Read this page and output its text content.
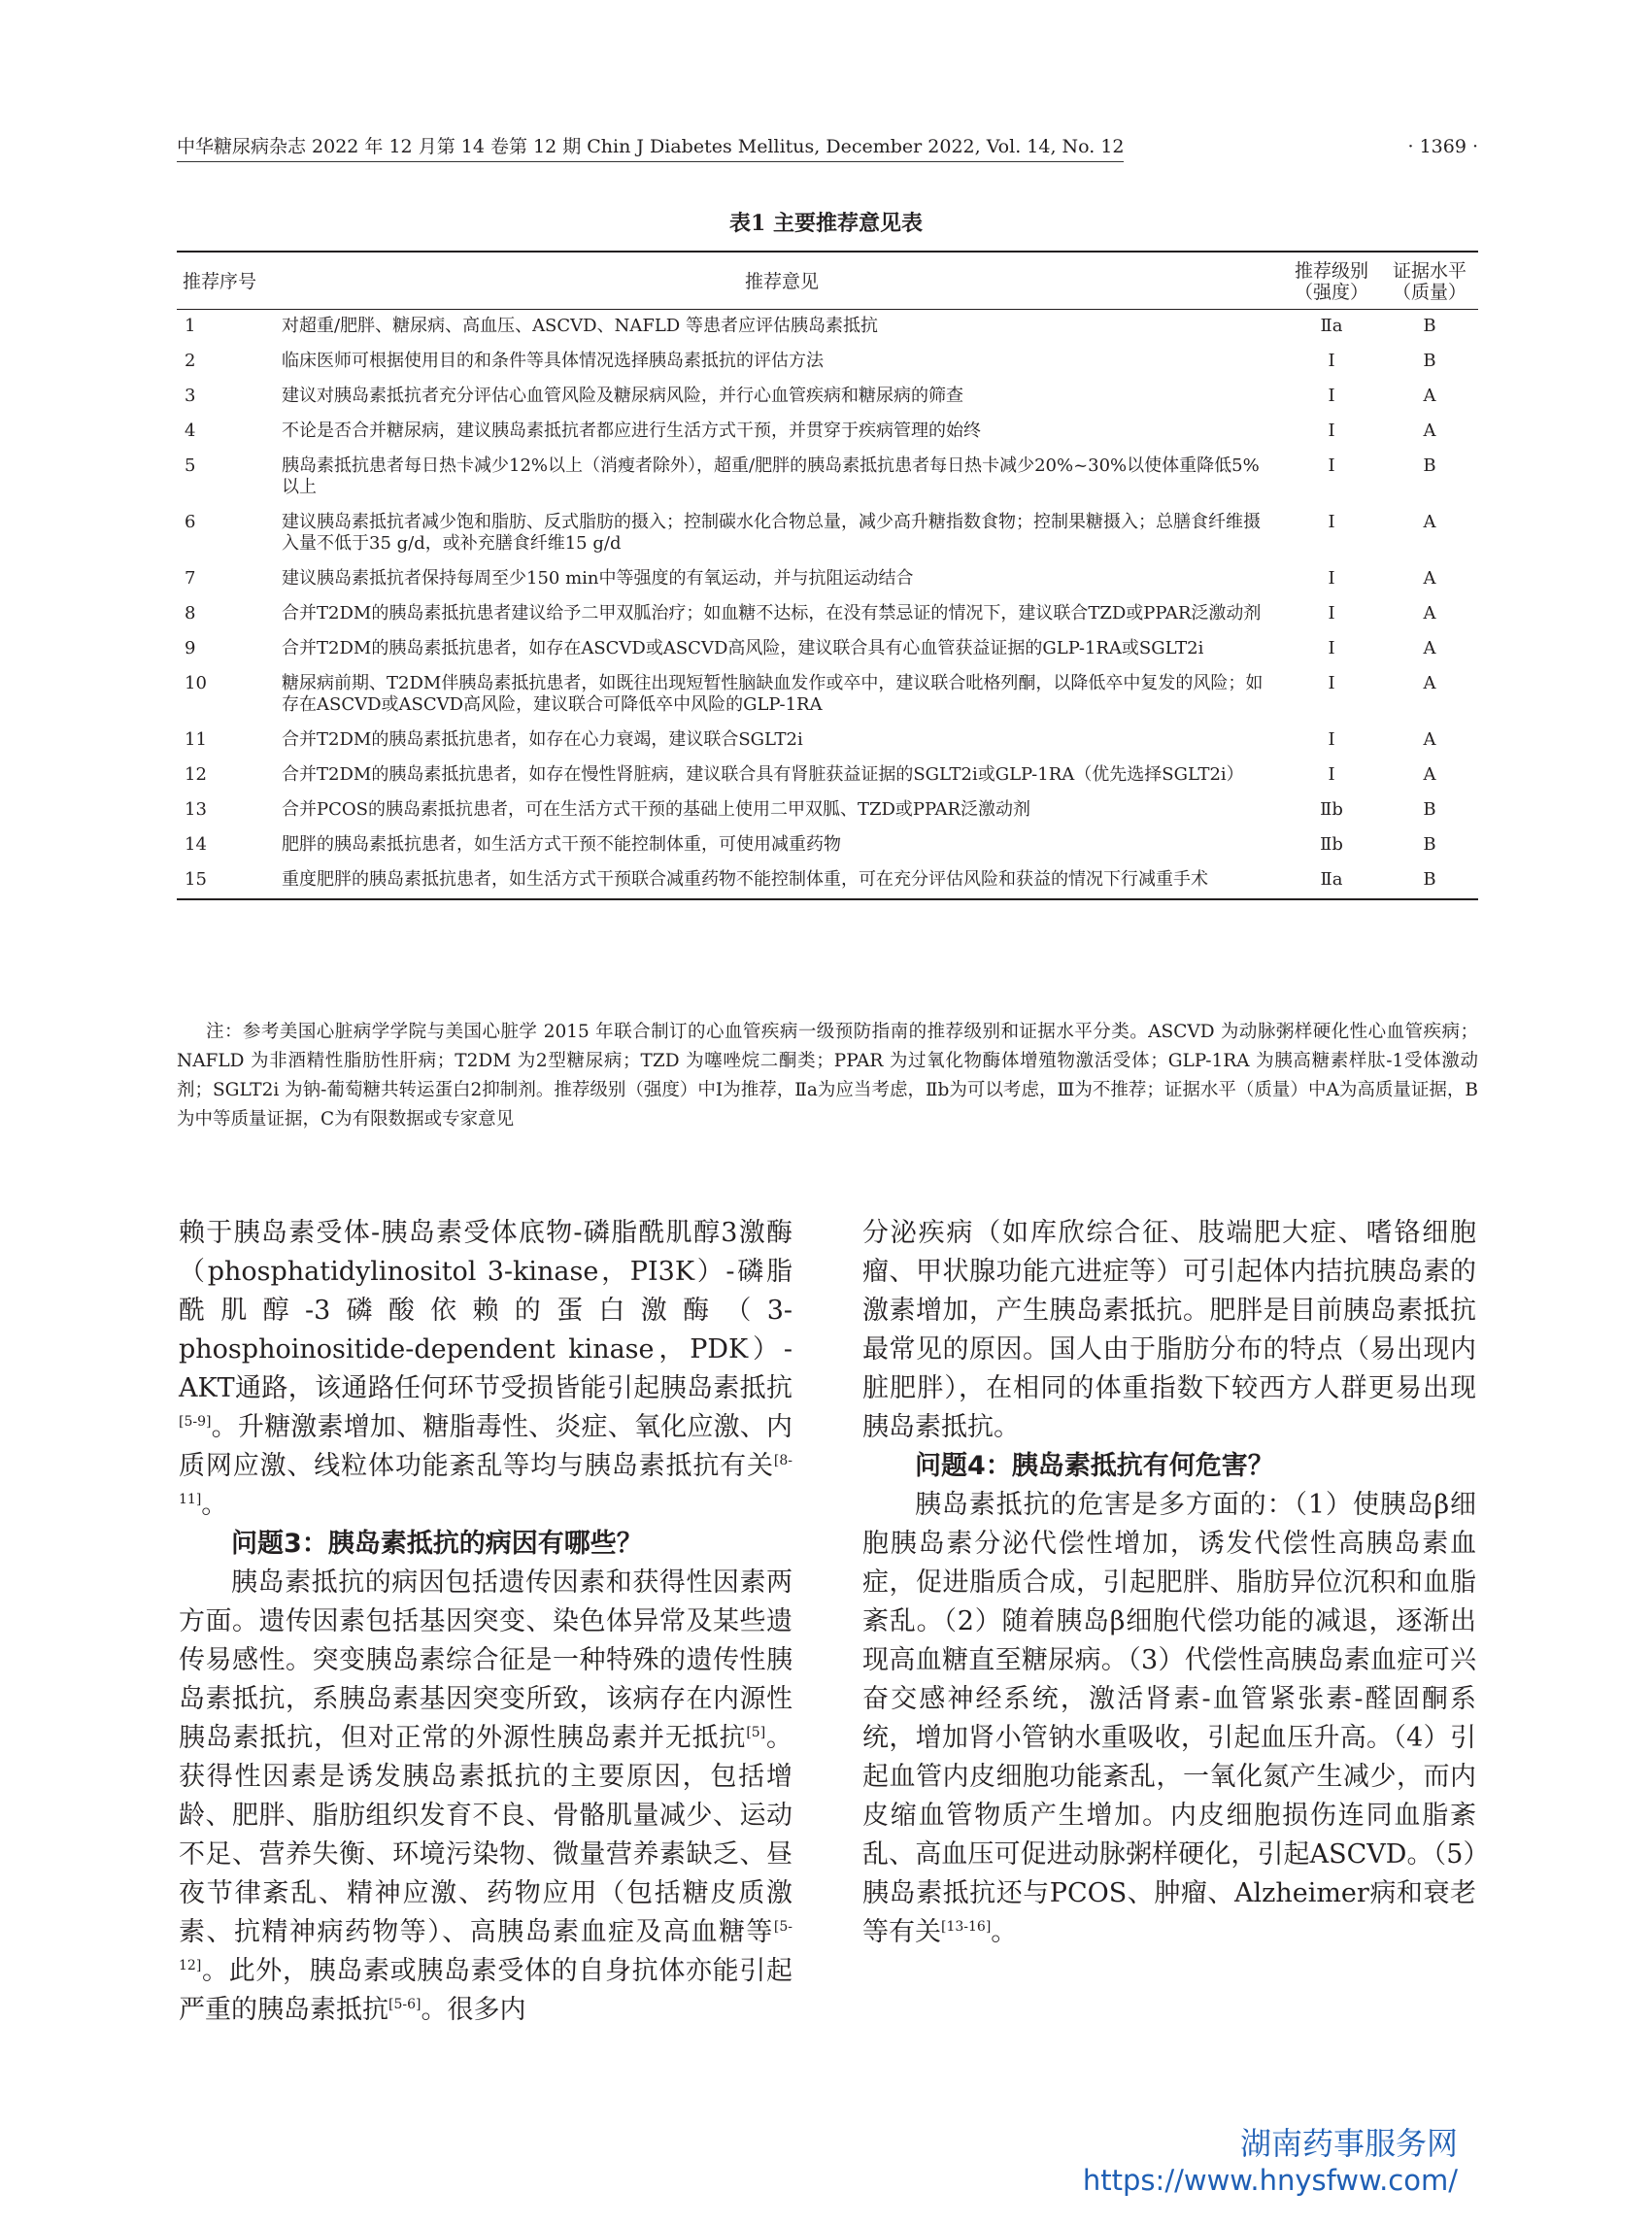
中华糖尿病杂志 2022 年 12 月第 14 卷第 12 期 Chin J Diabetes Mellitus, December 2022, Vol. 14, No. 12	· 1369 ·
表1 主要推荐意见表
推荐序号	推荐意见	推荐级别（强度）	证据水平（质量）
1	对超重/肥胖、糖尿病、高血压、ASCVD、NAFLD 等患者应评估胰岛素抵抗	Ⅱa	B
2	临床医师可根据使用目的和条件等具体情况选择胰岛素抵抗的评估方法	Ⅰ	B
3	建议对胰岛素抵抗者充分评估心血管风险及糖尿病风险，并行心血管疾病和糖尿病的筛查	Ⅰ	A
4	不论是否合并糖尿病，建议胰岛素抵抗者都应进行生活方式干预，并贯穿于疾病管理的始终	Ⅰ	A
5	胰岛素抵抗患者每日热卡减少12%以上（消瘦者除外），超重/肥胖的胰岛素抵抗患者每日热卡减少20%~30%以使体重降低5%以上	Ⅰ	B
6	建议胰岛素抵抗者减少饱和脂肪、反式脂肪的摄入；控制碳水化合物总量，减少高升糖指数食物；控制果糖摄入；总膳食纤维摄入量不低于35 g/d，或补充膳食纤维15 g/d	Ⅰ	A
7	建议胰岛素抵抗者保持每周至少150 min中等强度的有氧运动，并与抗阻运动结合	Ⅰ	A
8	合并T2DM的胰岛素抵抗患者建议给予二甲双胍治疗；如血糖不达标，在没有禁忌证的情况下，建议联合TZD或PPAR泛激动剂	Ⅰ	A
9	合并T2DM的胰岛素抵抗患者，如存在ASCVD或ASCVD高风险，建议联合具有心血管获益证据的GLP-1RA或SGLT2i	Ⅰ	A
10	糖尿病前期、T2DM伴胰岛素抵抗患者，如既往出现短暂性脑缺血发作或卒中，建议联合吡格列酮，以降低卒中复发的风险；如存在ASCVD或ASCVD高风险，建议联合可降低卒中风险的GLP-1RA	Ⅰ	A
11	合并T2DM的胰岛素抵抗患者，如存在心力衰竭，建议联合SGLT2i	Ⅰ	A
12	合并T2DM的胰岛素抵抗患者，如存在慢性肾脏病，建议联合具有肾脏获益证据的SGLT2i或GLP-1RA（优先选择SGLT2i）	Ⅰ	A
13	合并PCOS的胰岛素抵抗患者，可在生活方式干预的基础上使用二甲双胍、TZD或PPAR泛激动剂	Ⅱb	B
14	肥胖的胰岛素抵抗患者，如生活方式干预不能控制体重，可使用减重药物	Ⅱb	B
15	重度肥胖的胰岛素抵抗患者，如生活方式干预联合减重药物不能控制体重，可在充分评估风险和获益的情况下行减重手术	Ⅱa	B
注：参考美国心脏病学学院与美国心脏学 2015 年联合制订的心血管疾病一级预防指南的推荐级别和证据水平分类。ASCVD 为动脉粥样硬化性心血管疾病；NAFLD 为非酒精性脂肪性肝病；T2DM 为2型糖尿病；TZD 为噻唑烷二酮类；PPAR 为过氧化物酶体增殖物激活受体；GLP-1RA 为胰高糖素样肽-1受体激动剂；SGLT2i 为钠-葡萄糖共转运蛋白2抑制剂。推荐级别（强度）中Ⅰ为推荐，Ⅱa为应当考虑，Ⅱb为可以考虑，Ⅲ为不推荐；证据水平（质量）中A为高质量证据，B为中等质量证据，C为有限数据或专家意见

赖于胰岛素受体-胰岛素受体底物-磷脂酰肌醇3激酶（phosphatidylinositol 3-kinase，PI3K）-磷脂酰肌醇-3磷酸依赖的蛋白激酶（3-phosphoinositide-dependent kinase，PDK）-AKT通路，该通路任何环节受损皆能引起胰岛素抵抗[5-9]。升糖激素增加、糖脂毒性、炎症、氧化应激、内质网应激、线粒体功能紊乱等均与胰岛素抵抗有关[8-11]。

问题3：胰岛素抵抗的病因有哪些？

胰岛素抵抗的病因包括遗传因素和获得性因素两方面。遗传因素包括基因突变、染色体异常及某些遗传易感性。突变胰岛素综合征是一种特殊的遗传性胰岛素抵抗，系胰岛素基因突变所致，该病存在内源性胰岛素抵抗，但对正常的外源性胰岛素并无抵抗[5]。获得性因素是诱发胰岛素抵抗的主要原因，包括增龄、肥胖、脂肪组织发育不良、骨骼肌量减少、运动不足、营养失衡、环境污染物、微量营养素缺乏、昼夜节律紊乱、精神应激、药物应用（包括糖皮质激素、抗精神病药物等）、高胰岛素血症及高血糖等[5-12]。此外，胰岛素或胰岛素受体的自身抗体亦能引起严重的胰岛素抵抗[5-6]。很多内

分泌疾病（如库欣综合征、肢端肥大症、嗜铬细胞瘤、甲状腺功能亢进症等）可引起体内拮抗胰岛素的激素增加，产生胰岛素抵抗。肥胖是目前胰岛素抵抗最常见的原因。国人由于脂肪分布的特点（易出现内脏肥胖），在相同的体重指数下较西方人群更易出现胰岛素抵抗。

问题4：胰岛素抵抗有何危害？

胰岛素抵抗的危害是多方面的：（1）使胰岛β细胞胰岛素分泌代偿性增加，诱发代偿性高胰岛素血症，促进脂质合成，引起肥胖、脂肪异位沉积和血脂紊乱。（2）随着胰岛β细胞代偿功能的减退，逐渐出现高血糖直至糖尿病。（3）代偿性高胰岛素血症可兴奋交感神经系统，激活肾素-血管紧张素-醛固酮系统，增加肾小管钠水重吸收，引起血压升高。（4）引起血管内皮细胞功能紊乱，一氧化氮产生减少，而内皮缩血管物质产生增加。内皮细胞损伤连同血脂紊乱、高血压可促进动脉粥样硬化，引起ASCVD。（5）胰岛素抵抗还与PCOS、肿瘤、Alzheimer病和衰老等有关[13-16]。

湖南药事服务网
https://www.hnysfww.com/
